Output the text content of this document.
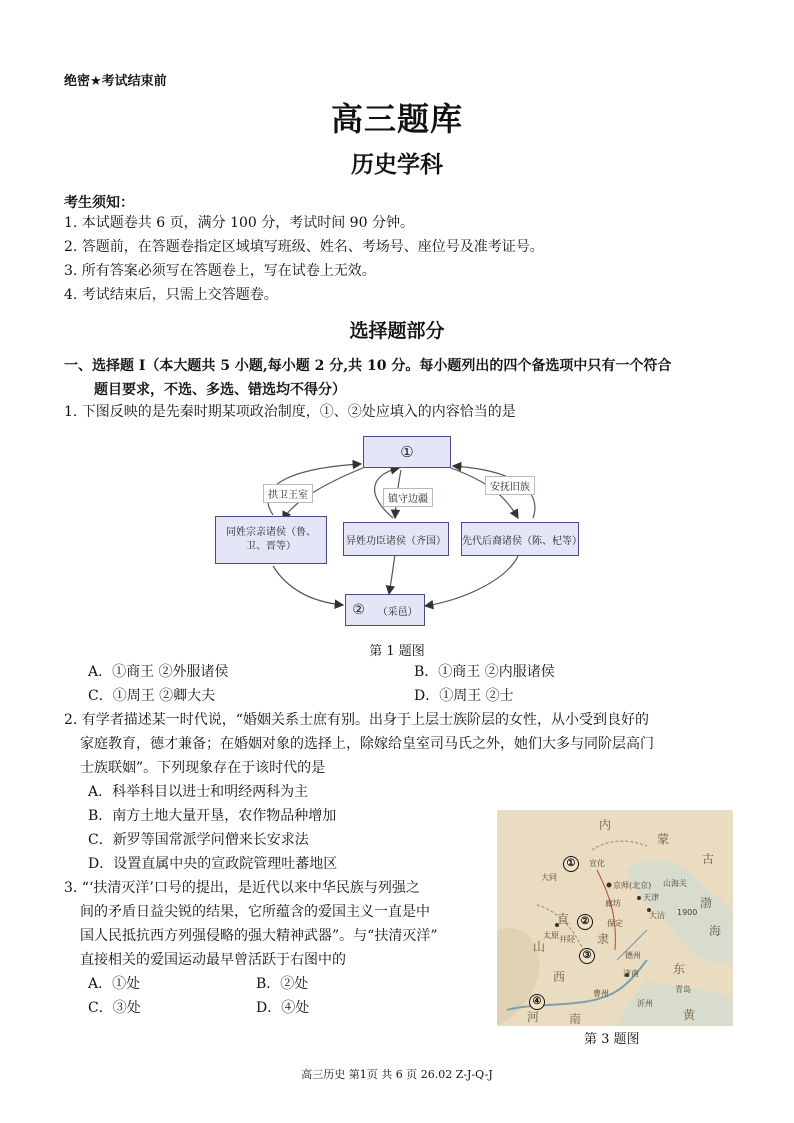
绝密★考试结束前
高三题库
历史学科
考生须知：
1. 本试题卷共 6 页，满分 100 分，考试时间 90 分钟。
2. 答题前，在答题卷指定区域填写班级、姓名、考场号、座位号及准考证号。
3. 所有答案必须写在答题卷上，写在试卷上无效。
4. 考试结束后，只需上交答题卷。
选择题部分
一、选择题 I（本大题共 5 小题,每小题 2 分,共 10 分。每小题列出的四个备选项中只有一个符合
题目要求，不选、多选、错选均不得分）
1. 下图反映的是先秦时期某项政治制度，①、②处应填入的内容恰当的是
①
同姓宗亲诸侯（鲁、卫、晋等）	异姓功臣诸侯（齐国）	先代后裔诸侯（陈、杞等）
② （采邑）
拱卫王室	镇守边疆
安抚旧族
第 1 题图
A．①商王 ②外服诸侯	B．①商王 ②内服诸侯
C．①周王 ②卿大夫	D．①周王 ②士
2. 有学者描述某一时代说，“婚姻关系士庶有别。出身于上层士族阶层的女性，从小受到良好的
家庭教育，德才兼备；在婚姻对象的选择上，除嫁给皇室司马氏之外，她们大多与同阶层高门
士族联姻”。下列现象存在于该时代的是
A．科举科目以进士和明经两科为主
B．南方土地大量开垦，农作物品种增加
C．新罗等国常派学问僧来长安求法
D．设置直属中央的宣政院管理吐蕃地区
3. “‘扶清灭洋’口号的提出，是近代以来中华民族与列强之
间的矛盾日益尖锐的结果，它所蕴含的爱国主义一直是中
国人民抵抗西方列强侵略的强大精神武器”。与“扶清灭洋”
直接相关的爱国运动最早曾活跃于右图中的
A．①处	B．②处
C．③处	D．④处
内
蒙
古
渤
海
山
西
东
黄
河 南
直
隶
宣化
大同
京师(北京) 山海关
廊坊
天津
大沽
太原 井陉
保定
德州
济南
曹州
沂州
青岛
1900
①
②
③
④
第 3 题图
高三历史 第1页 共 6 页 26.02 Z-J-Q-J
